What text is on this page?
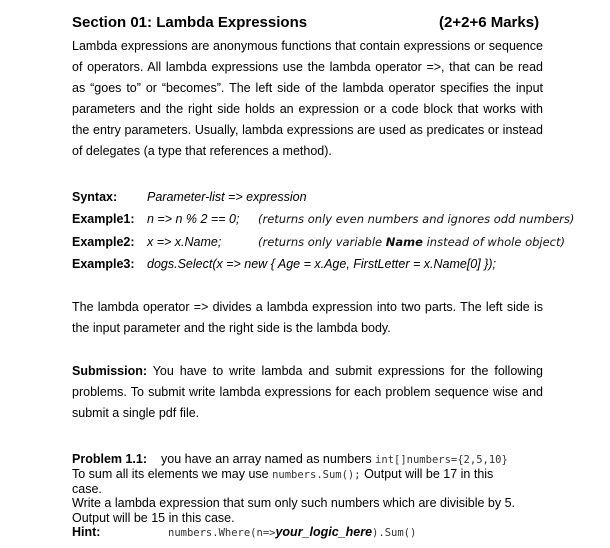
Section 01: Lambda Expressions	(2+2+6 Marks)
Lambda expressions are anonymous functions that contain expressions or sequence of operators. All lambda expressions use the lambda operator =>, that can be read as “goes to” or “becomes”. The left side of the lambda operator specifies the input parameters and the right side holds an expression or a code block that works with the entry parameters. Usually, lambda expressions are used as predicates or instead of delegates (a type that references a method).
Syntax: Parameter-list => expression
Example1: n => n % 2 == 0; (returns only even numbers and ignores odd numbers)
Example2: x => x.Name;	(returns only variable Name instead of whole object)
Example3: dogs.Select(x => new { Age = x.Age, FirstLetter = x.Name[0] });
The lambda operator => divides a lambda expression into two parts. The left side is the input parameter and the right side is the lambda body.
Submission: You have to write lambda and submit expressions for the following problems. To submit write lambda expressions for each problem sequence wise and submit a single pdf file.
Problem 1.1: you have an array named as numbers int[]numbers={2,5,10}
To sum all its elements we may use numbers.Sum(); Output will be 17 in this
case.
Write a lambda expression that sum only such numbers which are divisible by 5.
Output will be 15 in this case.
Hint:	numbers.Where(n=>your_logic_here).Sum()
